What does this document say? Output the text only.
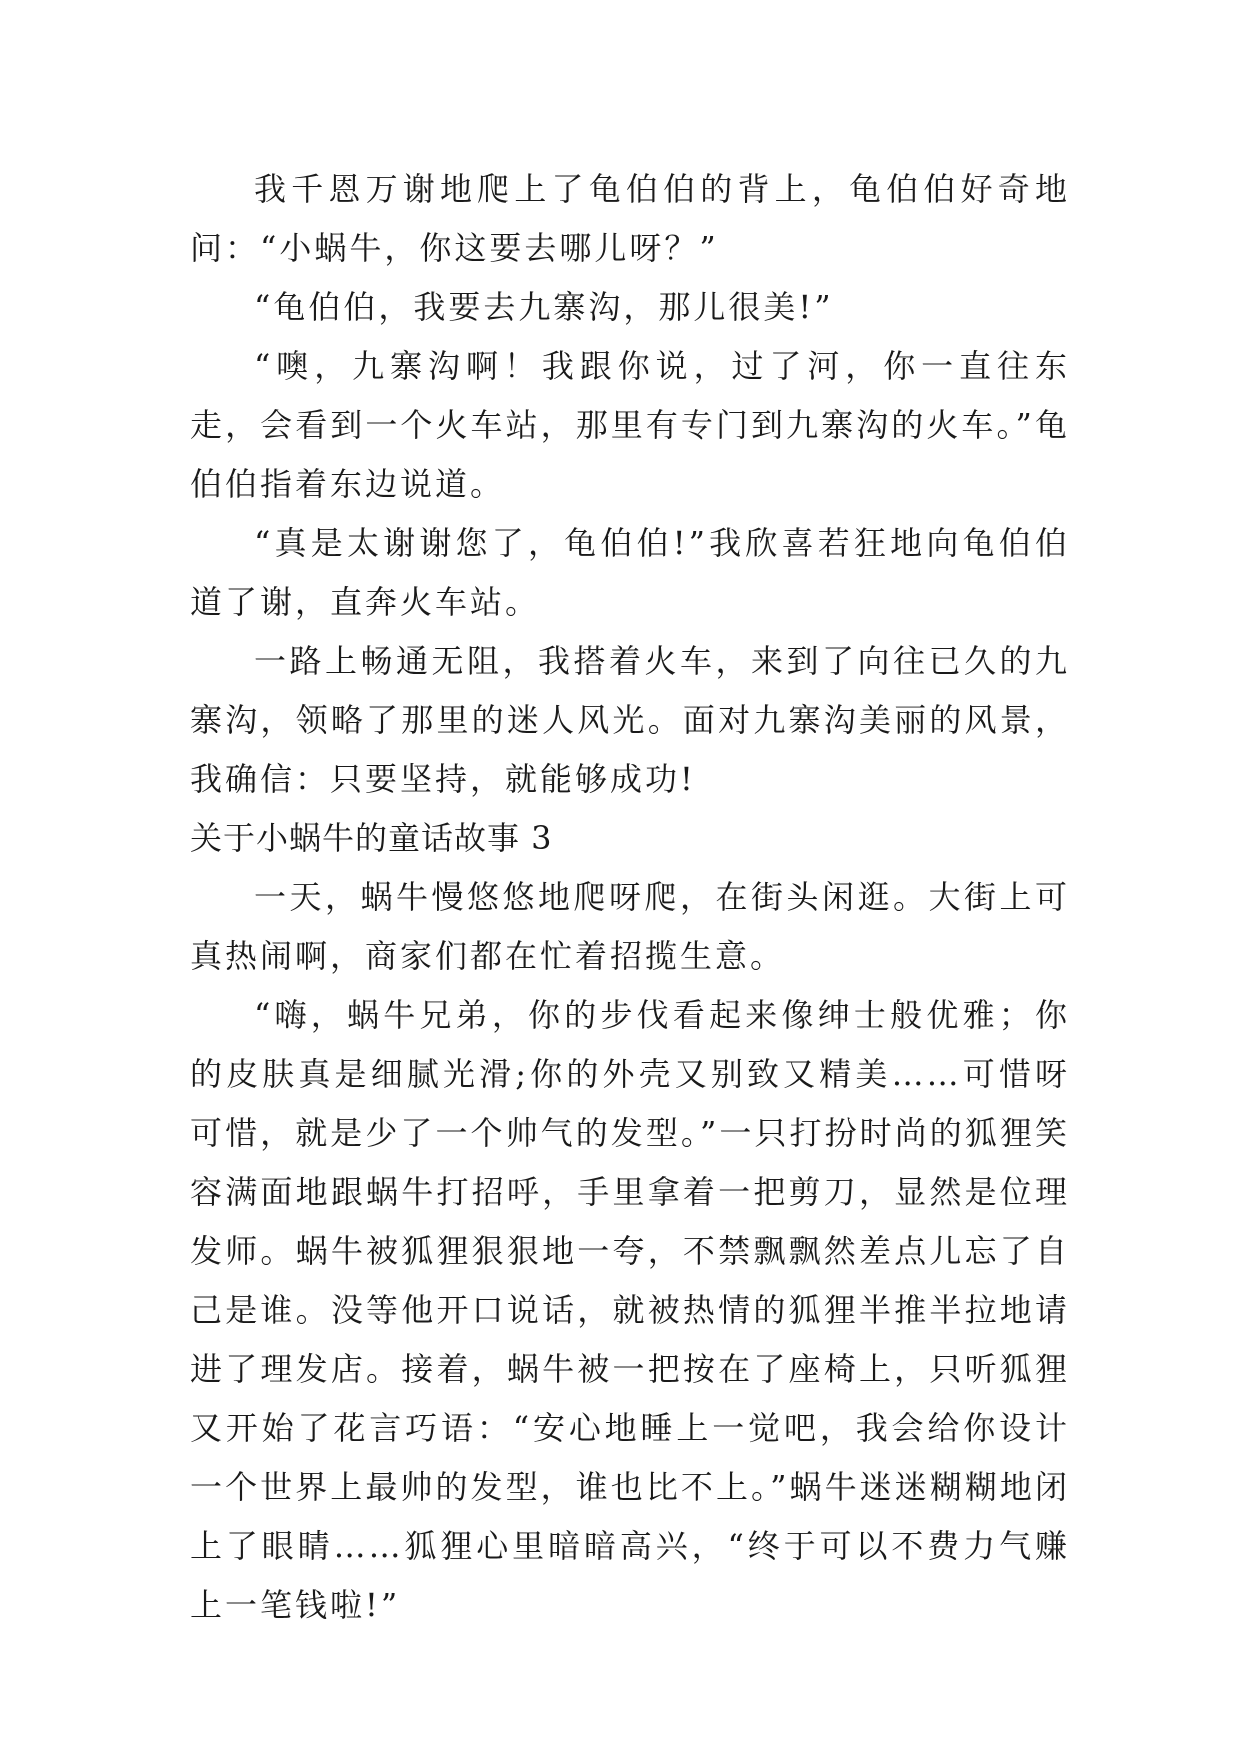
我千恩万谢地爬上了龟伯伯的背上，龟伯伯好奇地问：“小蜗牛，你这要去哪儿呀？”

“龟伯伯，我要去九寨沟，那儿很美!”

“噢，九寨沟啊！我跟你说，过了河，你一直往东走，会看到一个火车站，那里有专门到九寨沟的火车。”龟伯伯指着东边说道。

“真是太谢谢您了，龟伯伯!”我欣喜若狂地向龟伯伯道了谢，直奔火车站。

一路上畅通无阻，我搭着火车，来到了向往已久的九寨沟，领略了那里的迷人风光。面对九寨沟美丽的风景，我确信：只要坚持，就能够成功!

关于小蜗牛的童话故事 3

一天，蜗牛慢悠悠地爬呀爬，在街头闲逛。大街上可真热闹啊，商家们都在忙着招揽生意。

“嗨，蜗牛兄弟，你的步伐看起来像绅士般优雅；你的皮肤真是细腻光滑;你的外壳又别致又精美……可惜呀可惜，就是少了一个帅气的发型。”一只打扮时尚的狐狸笑容满面地跟蜗牛打招呼，手里拿着一把剪刀，显然是位理发师。蜗牛被狐狸狠狠地一夸，不禁飘飘然差点儿忘了自己是谁。没等他开口说话，就被热情的狐狸半推半拉地请进了理发店。接着，蜗牛被一把按在了座椅上，只听狐狸又开始了花言巧语：“安心地睡上一觉吧，我会给你设计一个世界上最帅的发型，谁也比不上。”蜗牛迷迷糊糊地闭上了眼睛……狐狸心里暗暗高兴，“终于可以不费力气赚上一笔钱啦!”
